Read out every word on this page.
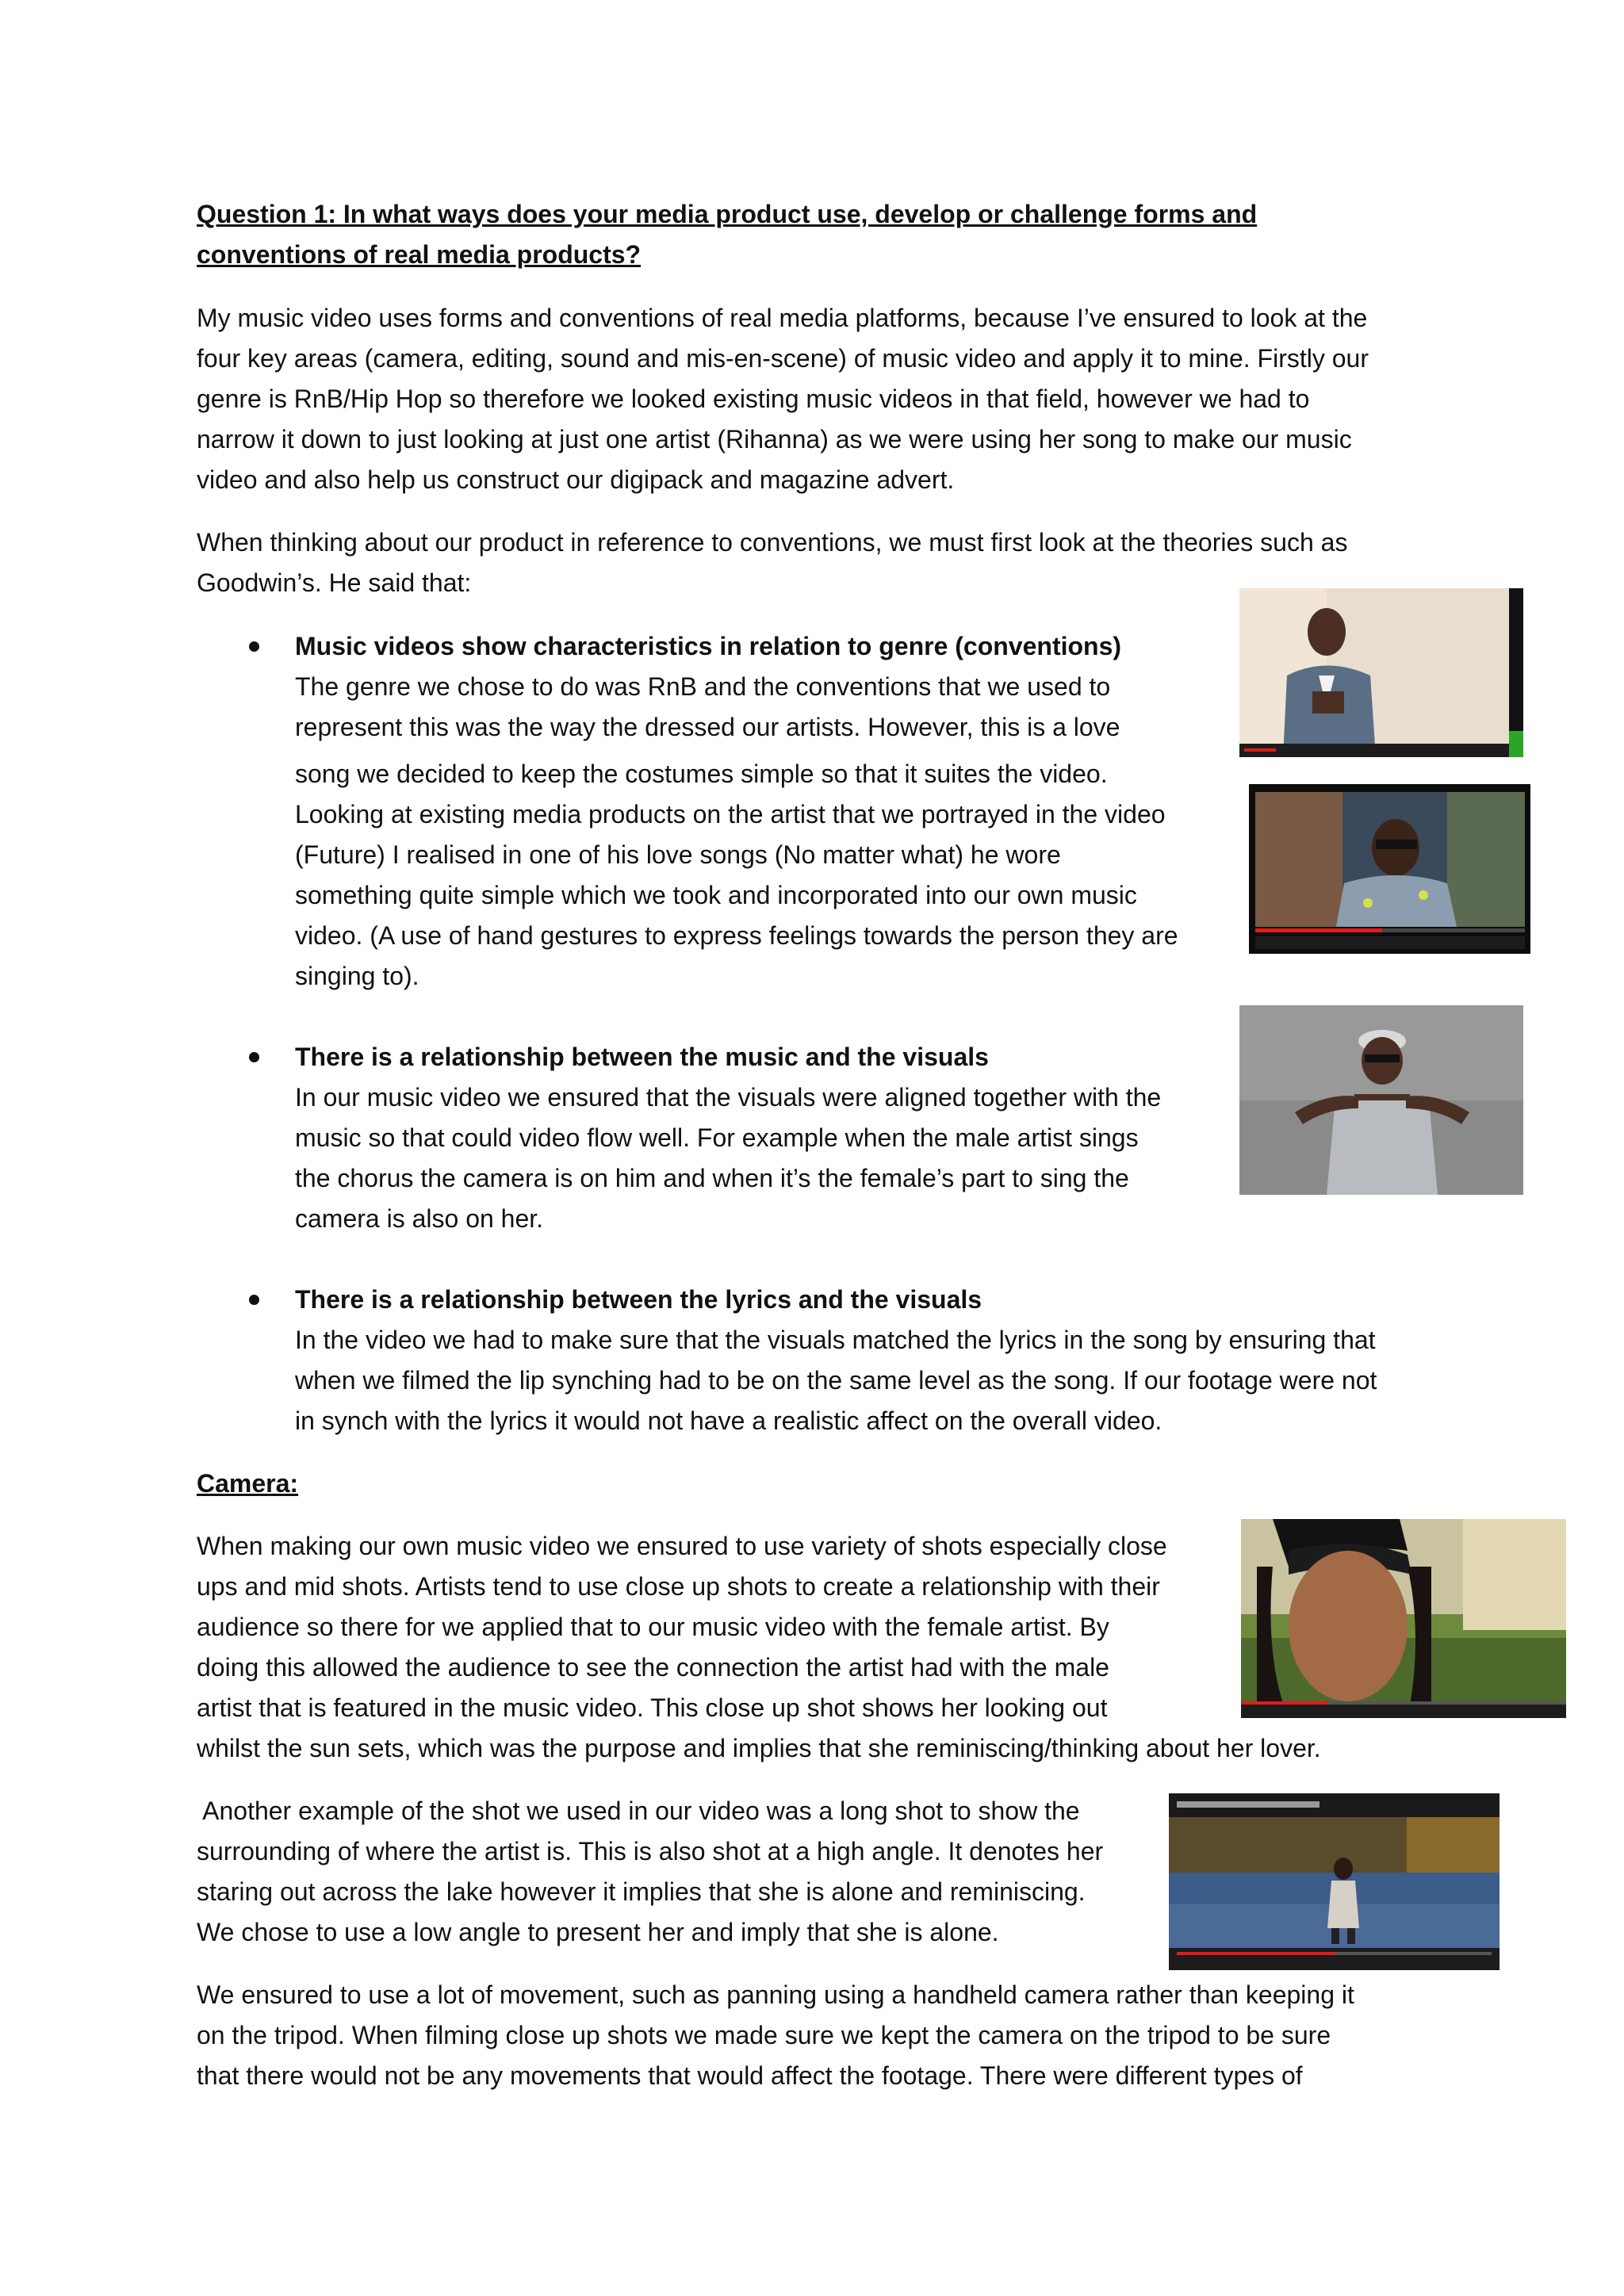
Question 1: In what ways does your media product use, develop or challenge forms and

conventions of real media products?

My music video uses forms and conventions of real media platforms, because I’ve ensured to look at the

four key areas (camera, editing, sound and mis-en-scene) of music video and apply it to mine. Firstly our

genre is RnB/Hip Hop so therefore we looked existing music videos in that field, however we had to

narrow it down to just looking at just one artist (Rihanna) as we were using her song to make our music

video and also help us construct our digipack and magazine advert.

When thinking about our product in reference to conventions, we must first look at the theories such as

Goodwin’s. He said that:

Music videos show characteristics in relation to genre (conventions)

The genre we chose to do was RnB and the conventions that we used to

represent this was the way the dressed our artists. However, this is a love

song we decided to keep the costumes simple so that it suites the video.

Looking at existing media products on the artist that we portrayed in the video

(Future) I realised in one of his love songs (No matter what) he wore

something quite simple which we took and incorporated into our own music

video. (A use of hand gestures to express feelings towards the person they are

singing to).

There is a relationship between the music and the visuals

In our music video we ensured that the visuals were aligned together with the

music so that could video flow well. For example when the male artist sings

the chorus the camera is on him and when it’s the female’s part to sing the

camera is also on her.

There is a relationship between the lyrics and the visuals

In the video we had to make sure that the visuals matched the lyrics in the song by ensuring that

when we filmed the lip synching had to be on the same level as the song. If our footage were not

in synch with the lyrics it would not have a realistic affect on the overall video.

Camera:

When making our own music video we ensured to use variety of shots especially close

ups and mid shots. Artists tend to use close up shots to create a relationship with their

audience so there for we applied that to our music video with the female artist. By

doing this allowed the audience to see the connection the artist had with the male

artist that is featured in the music video. This close up shot shows her looking out

whilst the sun sets, which was the purpose and implies that she reminiscing/thinking about her lover.

Another example of the shot we used in our video was a long shot to show the

surrounding of where the artist is. This is also shot at a high angle. It denotes her

staring out across the lake however it implies that she is alone and reminiscing.

We chose to use a low angle to present her and imply that she is alone.

We ensured to use a lot of movement, such as panning using a handheld camera rather than keeping it

on the tripod. When filming close up shots we made sure we kept the camera on the tripod to be sure

that there would not be any movements that would affect the footage. There were different types of
